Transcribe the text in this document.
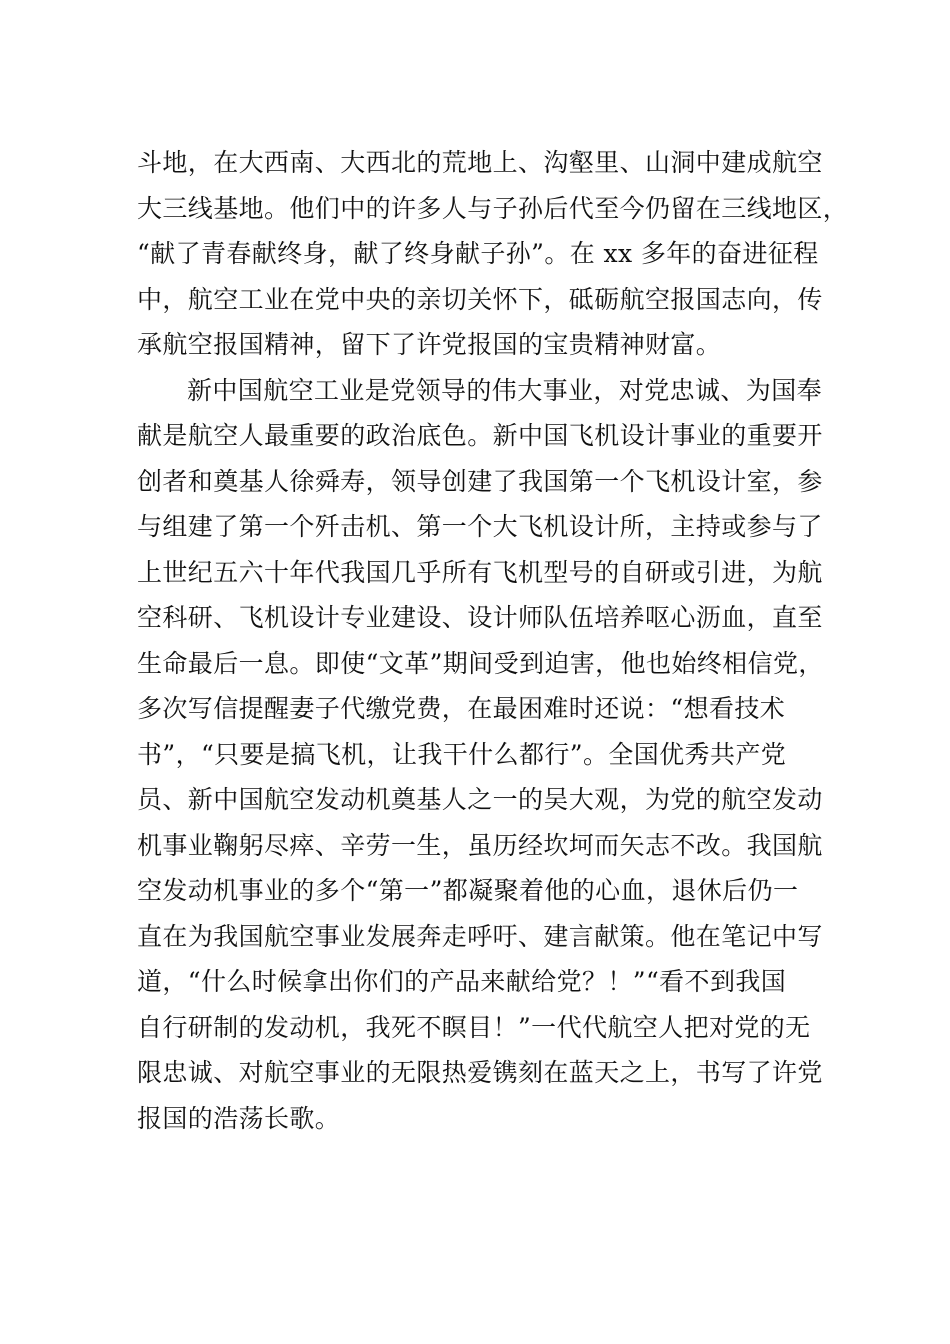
斗地，在大西南、大西北的荒地上、沟壑里、山洞中建成航空
大三线基地。他们中的许多人与子孙后代至今仍留在三线地区，
“献了青春献终身，献了终身献子孙”。在 xx 多年的奋进征程
中，航空工业在党中央的亲切关怀下，砥砺航空报国志向，传
承航空报国精神，留下了许党报国的宝贵精神财富。
新中国航空工业是党领导的伟大事业，对党忠诚、为国奉
献是航空人最重要的政治底色。新中国飞机设计事业的重要开
创者和奠基人徐舜寿，领导创建了我国第一个飞机设计室，参
与组建了第一个歼击机、第一个大飞机设计所，主持或参与了
上世纪五六十年代我国几乎所有飞机型号的自研或引进，为航
空科研、飞机设计专业建设、设计师队伍培养呕心沥血，直至
生命最后一息。即使“文革”期间受到迫害，他也始终相信党，
多次写信提醒妻子代缴党费，在最困难时还说：“想看技术
书”，“只要是搞飞机，让我干什么都行”。全国优秀共产党
员、新中国航空发动机奠基人之一的吴大观，为党的航空发动
机事业鞠躬尽瘁、辛劳一生，虽历经坎坷而矢志不改。我国航
空发动机事业的多个“第一”都凝聚着他的心血，退休后仍一
直在为我国航空事业发展奔走呼吁、建言献策。他在笔记中写
道，“什么时候拿出你们的产品来献给党？！”“看不到我国
自行研制的发动机，我死不瞑目！”一代代航空人把对党的无
限忠诚、对航空事业的无限热爱镌刻在蓝天之上，书写了许党
报国的浩荡长歌。
